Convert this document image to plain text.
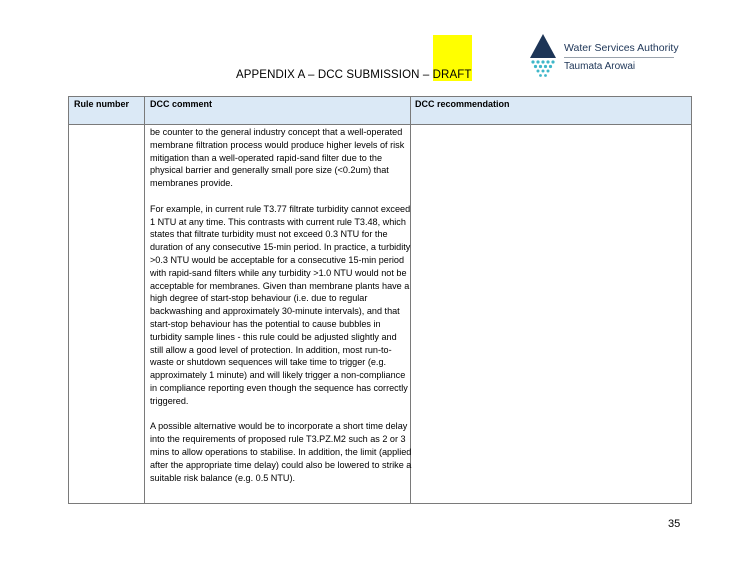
APPENDIX A – DCC SUBMISSION – DRAFT
Water Services Authority
Taumata Arowai
Rule number DCC comment	DCC recommendation

be counter to the general industry concept that a well-operated membrane filtration process would produce higher levels of risk mitigation than a well-operated rapid-sand filter due to the physical barrier and generally small pore size (<0.2um) that membranes provide.

For example, in current rule T3.77 filtrate turbidity cannot exceed 1 NTU at any time. This contrasts with current rule T3.48, which states that filtrate turbidity must not exceed 0.3 NTU for the duration of any consecutive 15-min period. In practice, a turbidity >0.3 NTU would be acceptable for a consecutive 15-min period with rapid-sand filters while any turbidity >1.0 NTU would not be acceptable for membranes. Given than membrane plants have a high degree of start-stop behaviour (i.e. due to regular backwashing and approximately 30-minute intervals), and that start-stop behaviour has the potential to cause bubbles in turbidity sample lines - this rule could be adjusted slightly and still allow a good level of protection. In addition, most run-to-waste or shutdown sequences will take time to trigger (e.g. approximately 1 minute) and will likely trigger a non-compliance in compliance reporting even though the sequence has correctly triggered.

A possible alternative would be to incorporate a short time delay into the requirements of proposed rule T3.PZ.M2 such as 2 or 3 mins to allow operations to stabilise. In addition, the limit (applied after the appropriate time delay) could also be lowered to strike a suitable risk balance (e.g. 0.5 NTU).

35
